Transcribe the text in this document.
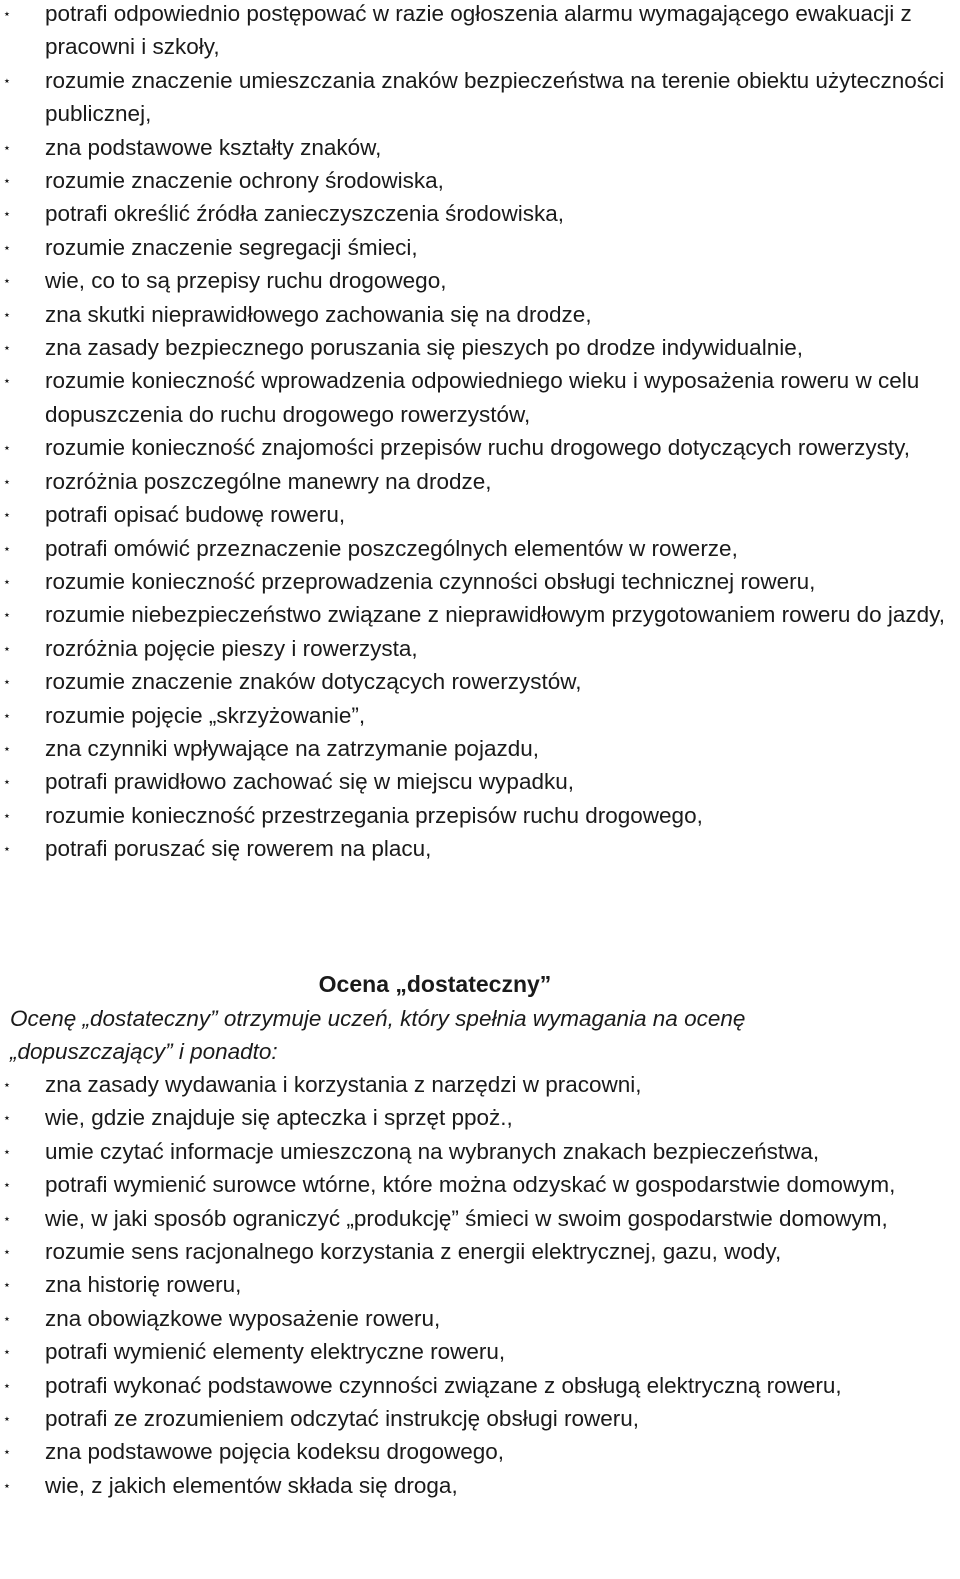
⋆ potrafi odpowiednio postępować w razie ogłoszenia alarmu wymagającego ewakuacji z pracowni i szkoły,
⋆ rozumie znaczenie umieszczania znaków bezpieczeństwa na terenie obiektu użyteczności publicznej,
⋆ zna podstawowe kształty znaków,
⋆ rozumie znaczenie ochrony środowiska,
⋆ potrafi określić źródła zanieczyszczenia środowiska,
⋆ rozumie znaczenie segregacji śmieci,
⋆ wie, co to są przepisy ruchu drogowego,
⋆ zna skutki nieprawidłowego zachowania się na drodze,
⋆ zna zasady bezpiecznego poruszania się pieszych po drodze indywidualnie,
⋆ rozumie konieczność wprowadzenia odpowiedniego wieku i wyposażenia roweru w celu dopuszczenia do ruchu drogowego rowerzystów,
⋆ rozumie konieczność znajomości przepisów ruchu drogowego dotyczących rowerzysty,
⋆ rozróżnia poszczególne manewry na drodze,
⋆ potrafi opisać budowę roweru,
⋆ potrafi omówić przeznaczenie poszczególnych elementów w rowerze,
⋆ rozumie konieczność przeprowadzenia czynności obsługi technicznej roweru,
⋆ rozumie niebezpieczeństwo związane z nieprawidłowym przygotowaniem roweru do jazdy,
⋆ rozróżnia pojęcie pieszy i rowerzysta,
⋆ rozumie znaczenie znaków dotyczących rowerzystów,
⋆ rozumie pojęcie „skrzyżowanie”,
⋆ zna czynniki wpływające na zatrzymanie pojazdu,
⋆ potrafi prawidłowo zachować się w miejscu wypadku,
⋆ rozumie konieczność przestrzegania przepisów ruchu drogowego,
⋆ potrafi poruszać się rowerem na placu,
Ocena „dostateczny”
Ocenę „dostateczny” otrzymuje uczeń, który spełnia wymagania na ocenę „dopuszczający” i ponadto:
⋆ zna zasady wydawania i korzystania z narzędzi w pracowni,
⋆ wie, gdzie znajduje się apteczka i sprzęt ppoż.,
⋆ umie czytać informacje umieszczoną na wybranych znakach bezpieczeństwa,
⋆ potrafi wymienić surowce wtórne, które można odzyskać w gospodarstwie domowym,
⋆ wie, w jaki sposób ograniczyć „produkcję” śmieci w swoim gospodarstwie domowym,
⋆ rozumie sens racjonalnego korzystania z energii elektrycznej, gazu, wody,
⋆ zna historię roweru,
⋆ zna obowiązkowe wyposażenie roweru,
⋆ potrafi wymienić elementy elektryczne roweru,
⋆ potrafi wykonać podstawowe czynności związane z obsługą elektryczną roweru,
⋆ potrafi ze zrozumieniem odczytać instrukcję obsługi roweru,
⋆ zna podstawowe pojęcia kodeksu drogowego,
⋆ wie, z jakich elementów składa się droga,
